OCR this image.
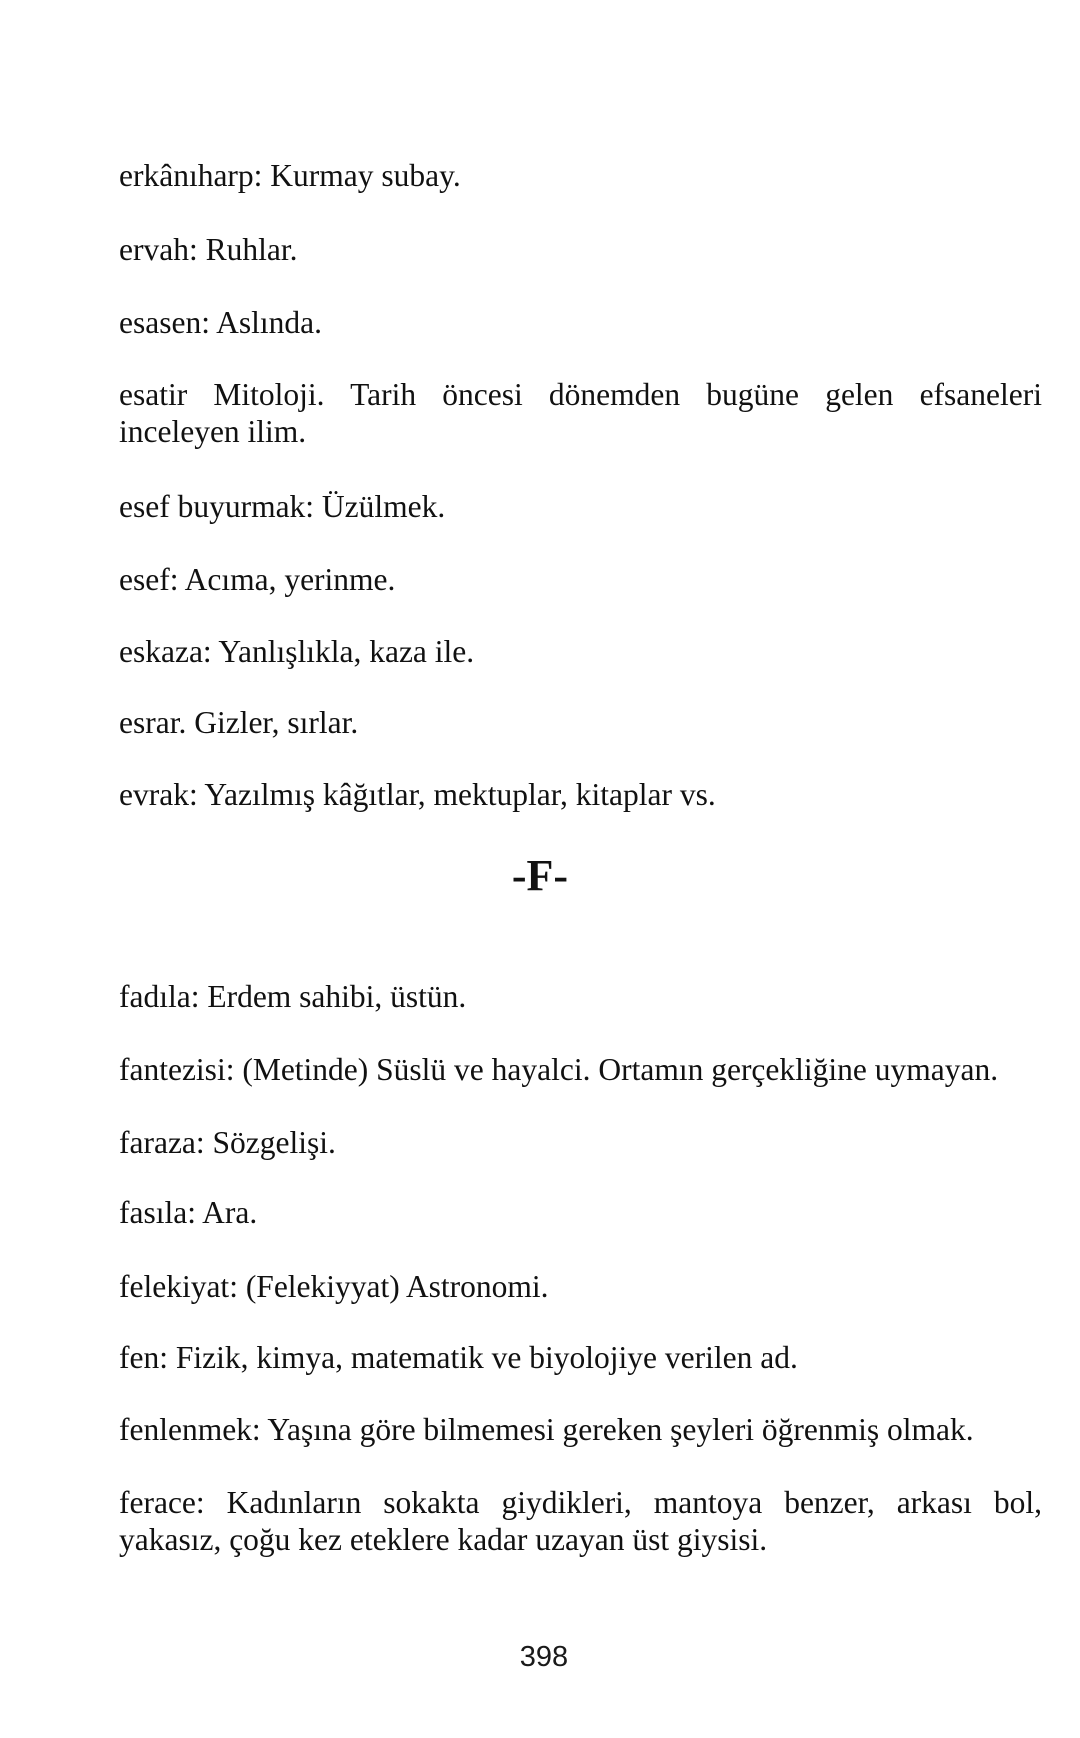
erkânıharp: Kurmay subay.

ervah: Ruhlar.

esasen: Aslında.

esatir Mitoloji. Tarih öncesi dönemden bugüne gelen efsaneleri
inceleyen ilim.

esef buyurmak: Üzülmek.

esef: Acıma, yerinme.

eskaza: Yanlışlıkla, kaza ile.

esrar. Gizler, sırlar.

evrak: Yazılmış kâğıtlar, mektuplar, kitaplar vs.

-F-

fadıla: Erdem sahibi, üstün.

fantezisi: (Metinde) Süslü ve hayalci. Ortamın gerçekliğine uymayan.

faraza: Sözgelişi.

fasıla: Ara.

felekiyat: (Felekiyyat) Astronomi.

fen: Fizik, kimya, matematik ve biyolojiye verilen ad.

fenlenmek: Yaşına göre bilmemesi gereken şeyleri öğrenmiş olmak.

ferace: Kadınların sokakta giydikleri, mantoya benzer, arkası bol,
yakasız, çoğu kez eteklere kadar uzayan üst giysisi.

398
